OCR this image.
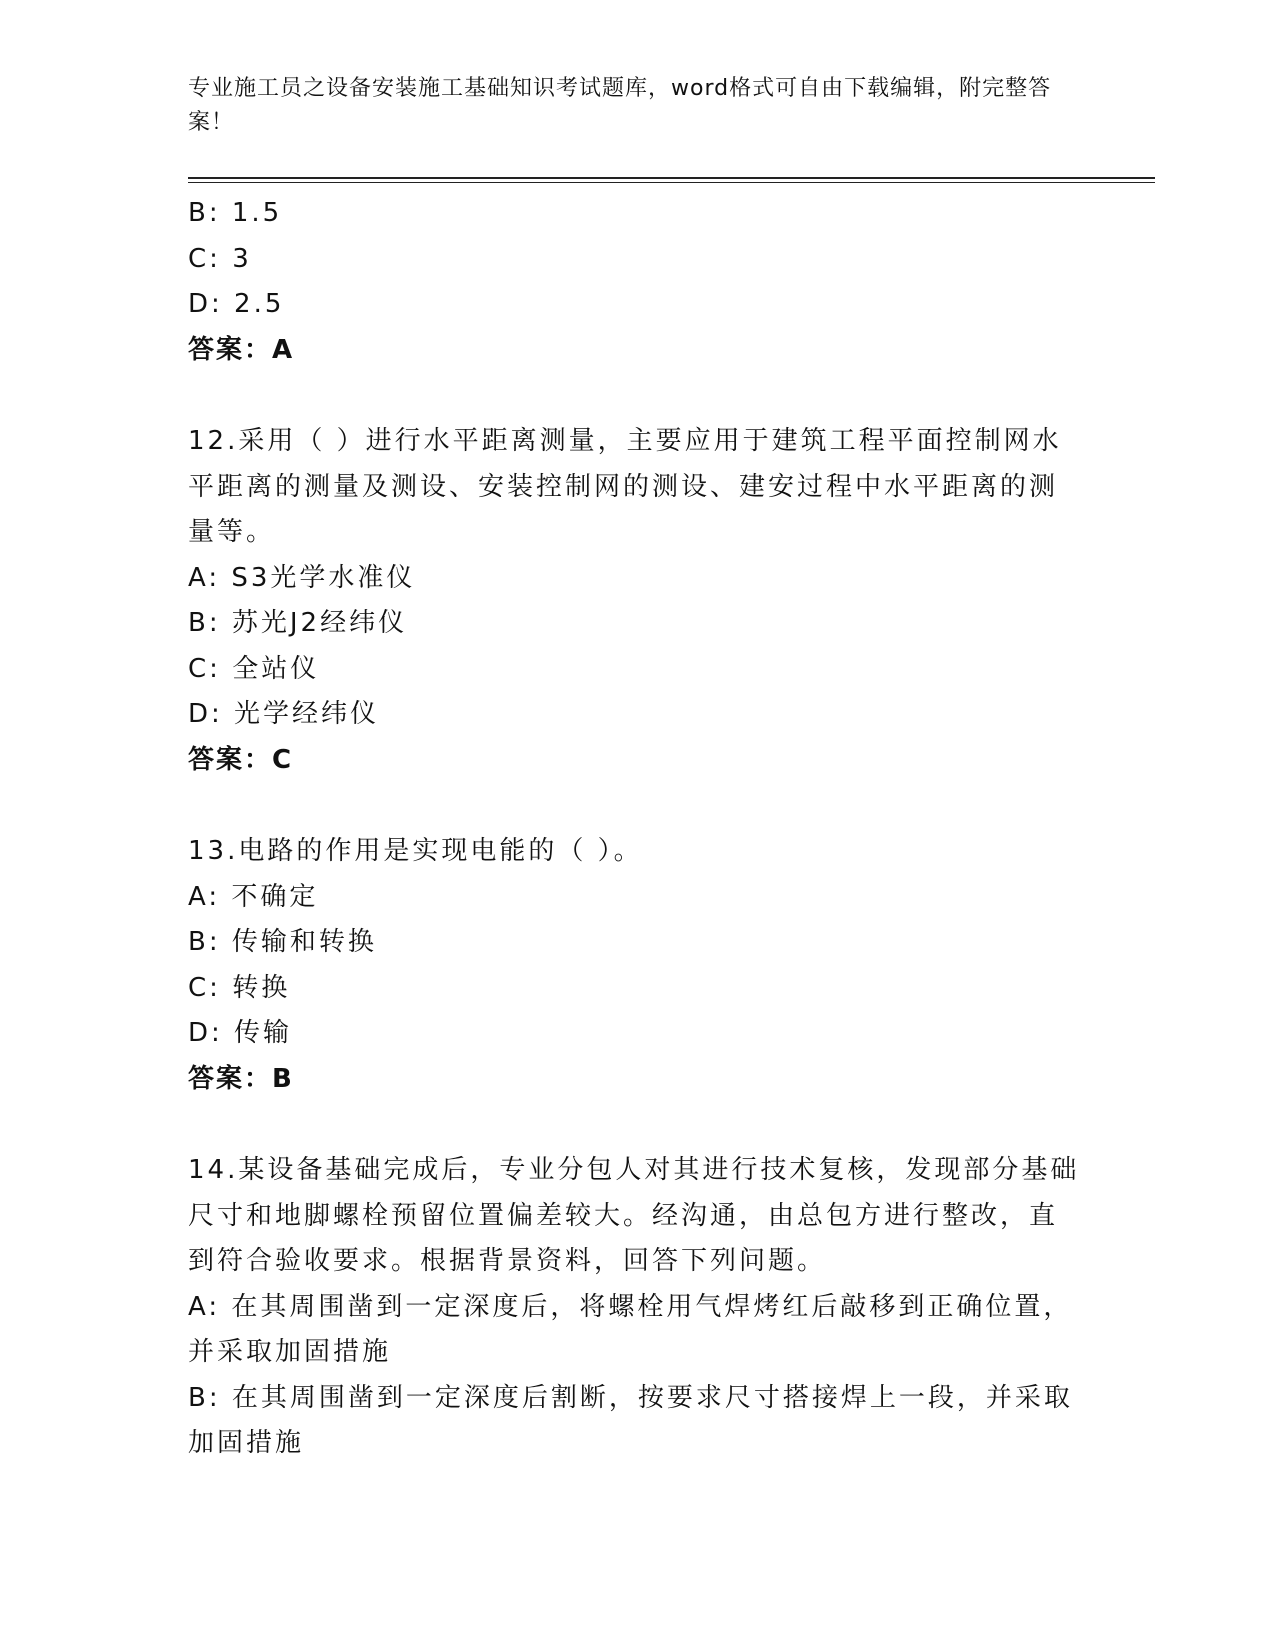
专业施工员之设备安装施工基础知识考试题库，word格式可自由下载编辑，附完整答案！
B: 1.5
C: 3
D: 2.5
答案：A
12.采用（ ）进行水平距离测量，主要应用于建筑工程平面控制网水
平距离的测量及测设、安装控制网的测设、建安过程中水平距离的测
量等。
A: S3光学水准仪
B: 苏光J2经纬仪
C: 全站仪
D: 光学经纬仪
答案：C
13.电路的作用是实现电能的（ ）。
A: 不确定
B: 传输和转换
C: 转换
D: 传输
答案：B
14.某设备基础完成后，专业分包人对其进行技术复核，发现部分基础
尺寸和地脚螺栓预留位置偏差较大。经沟通，由总包方进行整改，直
到符合验收要求。根据背景资料，回答下列问题。
A: 在其周围凿到一定深度后，将螺栓用气焊烤红后敲移到正确位置，
并采取加固措施
B: 在其周围凿到一定深度后割断，按要求尺寸搭接焊上一段，并采取
加固措施
